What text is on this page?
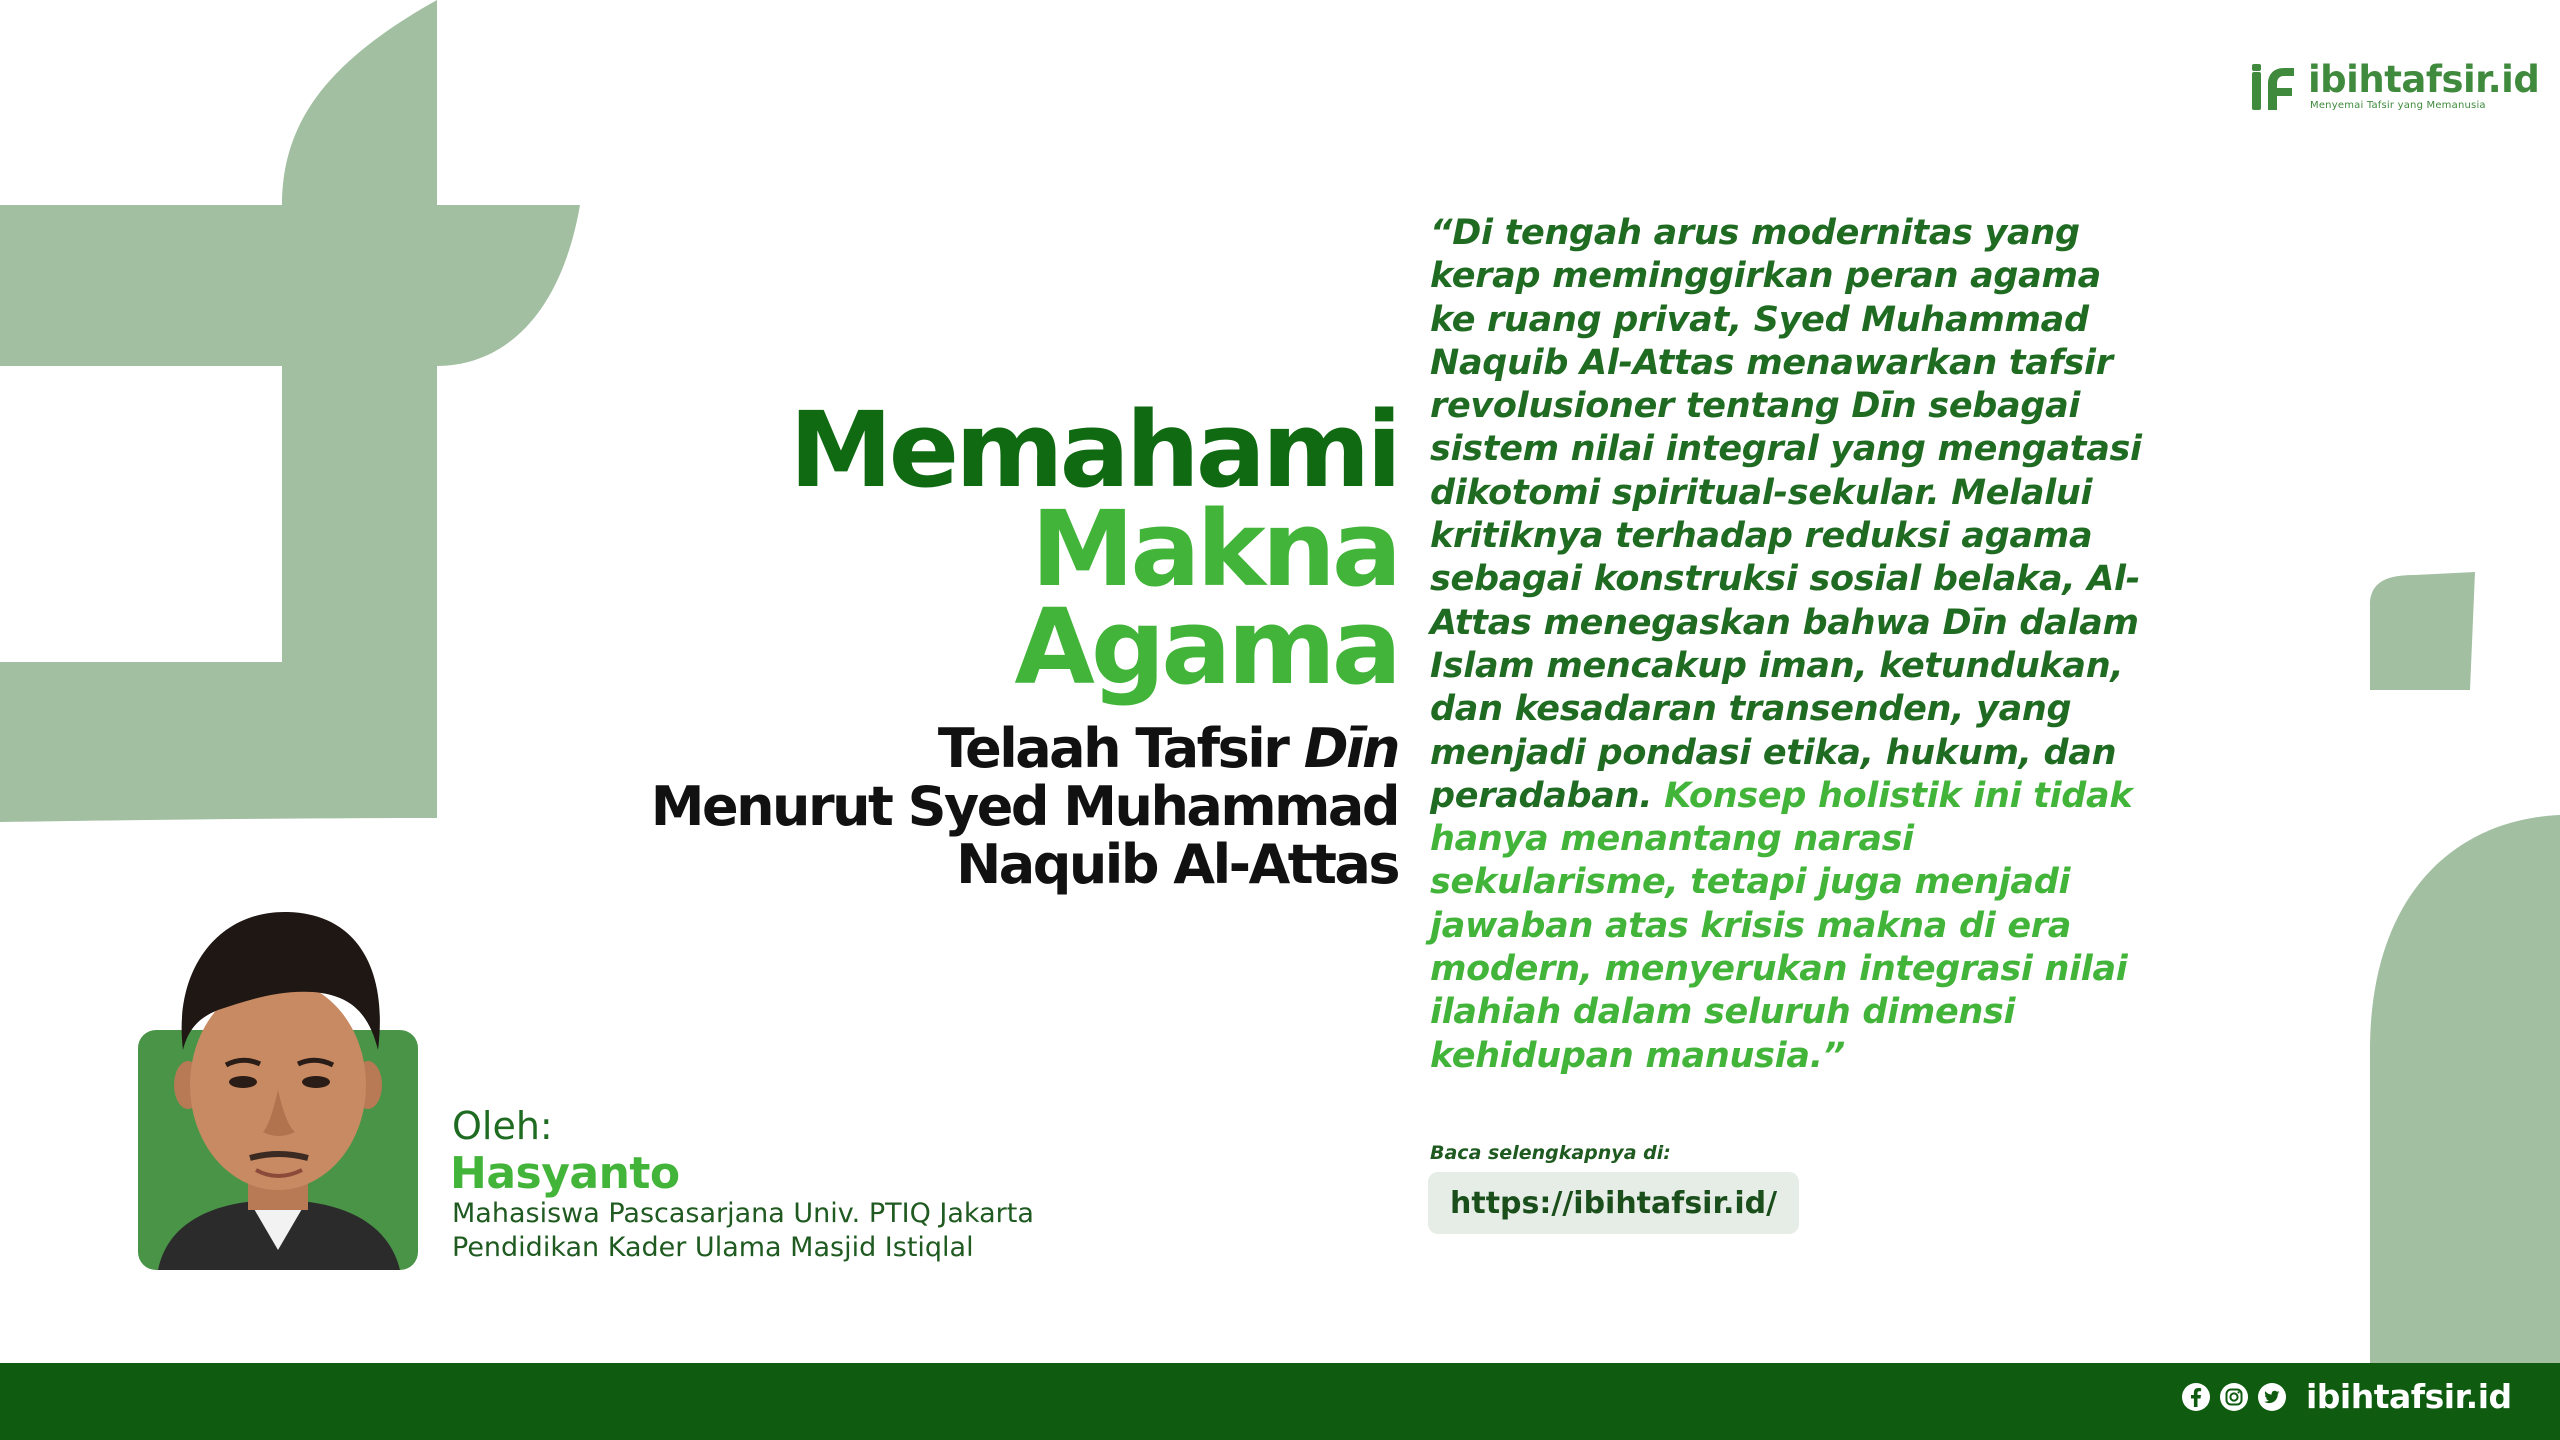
ibihtafsir.id
Menyemai Tafsir yang Memanusia
Memahami
Makna
Agama
Telaah Tafsir Dīn
Menurut Syed Muhammad
Naquib Al-Attas
“Di tengah arus modernitas yang kerap meminggirkan peran agama ke ruang privat, Syed Muhammad Naquib Al-Attas menawarkan tafsir revolusioner tentang Dīn sebagai sistem nilai integral yang mengatasi dikotomi spiritual-sekular. Melalui kritiknya terhadap reduksi agama sebagai konstruksi sosial belaka, Al-Attas menegaskan bahwa Dīn dalam Islam mencakup iman, ketundukan, dan kesadaran transenden, yang menjadi pondasi etika, hukum, dan peradaban. Konsep holistik ini tidak hanya menantang narasi sekularisme, tetapi juga menjadi jawaban atas krisis makna di era modern, menyerukan integrasi nilai ilahiah dalam seluruh dimensi kehidupan manusia.”
Baca selengkapnya di:
https://ibihtafsir.id/
Oleh:
Hasyanto
Mahasiswa Pascasarjana Univ. PTIQ Jakarta
Pendidikan Kader Ulama Masjid Istiqlal
ibihtafsir.id
